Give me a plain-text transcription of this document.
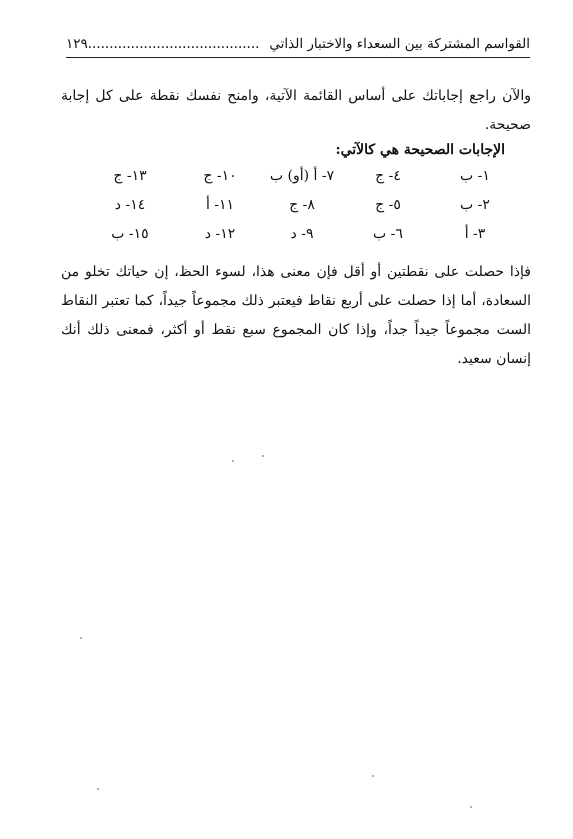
القواسم المشتركة بين السعداء والاختبار الذاتي
١٢٩........................................
والآن راجع إجاباتك على أساس القائمة الآتية، وامنح نفسك نقطة على كل إجابة صحيحة.
الإجابات الصحيحة هي كالآتي:
١- ب
٤- ج
٧- أ (أو) ب
١٠- ج
١٣- ج
٢- ب
٥- ج
٨- ج
١١- أ
١٤- د
٣- أ
٦- ب
٩- د
١٢- د
١٥- ب
فإذا حصلت على نقطتين أو أقل فإن معنى هذا، لسوء الحظ، إن حياتك تخلو من السعادة، أما إذا حصلت على أربع نقاط فيعتبر ذلك مجموعاً جيداً، كما تعتبر النقاط الست مجموعاً جيداً جداً، وإذا كان المجموع سبع نقط أو أكثر، فمعنى ذلك أنك إنسان سعيد.
